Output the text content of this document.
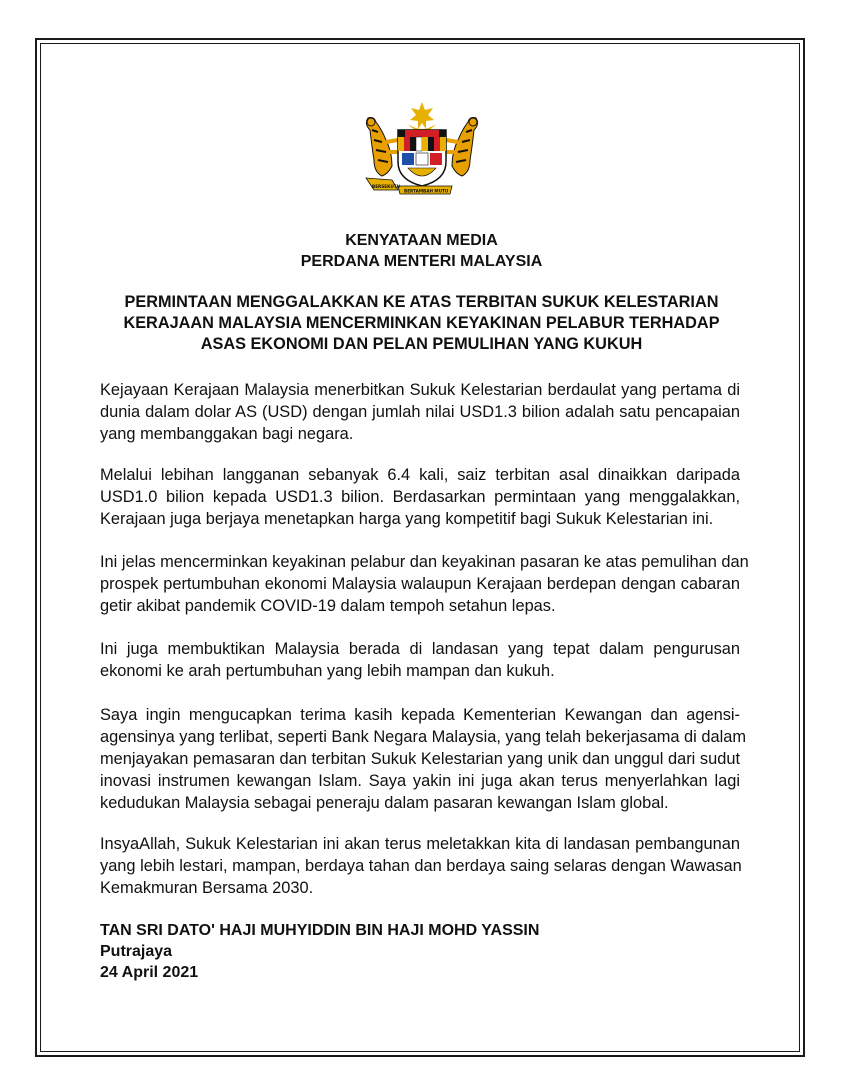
BERSEKUTU
BERTAMBAH MUTU
KENYATAAN MEDIA
PERDANA MENTERI MALAYSIA
PERMINTAAN MENGGALAKKAN KE ATAS TERBITAN SUKUK KELESTARIAN
KERAJAAN MALAYSIA MENCERMINKAN KEYAKINAN PELABUR TERHADAP
ASAS EKONOMI DAN PELAN PEMULIHAN YANG KUKUH
Kejayaan Kerajaan Malaysia menerbitkan Sukuk Kelestarian berdaulat yang pertama di
dunia dalam dolar AS (USD) dengan jumlah nilai USD1.3 bilion adalah satu pencapaian
yang membanggakan bagi negara.
Melalui lebihan langganan sebanyak 6.4 kali, saiz terbitan asal dinaikkan daripada
USD1.0 bilion kepada USD1.3 bilion. Berdasarkan permintaan yang menggalakkan,
Kerajaan juga berjaya menetapkan harga yang kompetitif bagi Sukuk Kelestarian ini.
Ini jelas mencerminkan keyakinan pelabur dan keyakinan pasaran ke atas pemulihan dan
prospek pertumbuhan ekonomi Malaysia walaupun Kerajaan berdepan dengan cabaran
getir akibat pandemik COVID-19 dalam tempoh setahun lepas.
Ini juga membuktikan Malaysia berada di landasan yang tepat dalam pengurusan
ekonomi ke arah pertumbuhan yang lebih mampan dan kukuh.
Saya ingin mengucapkan terima kasih kepada Kementerian Kewangan dan agensi-
agensinya yang terlibat, seperti Bank Negara Malaysia, yang telah bekerjasama di dalam
menjayakan pemasaran dan terbitan Sukuk Kelestarian yang unik dan unggul dari sudut
inovasi instrumen kewangan Islam. Saya yakin ini juga akan terus menyerlahkan lagi
kedudukan Malaysia sebagai peneraju dalam pasaran kewangan Islam global.
InsyaAllah, Sukuk Kelestarian ini akan terus meletakkan kita di landasan pembangunan
yang lebih lestari, mampan, berdaya tahan dan berdaya saing selaras dengan Wawasan
Kemakmuran Bersama 2030.
TAN SRI DATO' HAJI MUHYIDDIN BIN HAJI MOHD YASSIN
Putrajaya
24 April 2021
